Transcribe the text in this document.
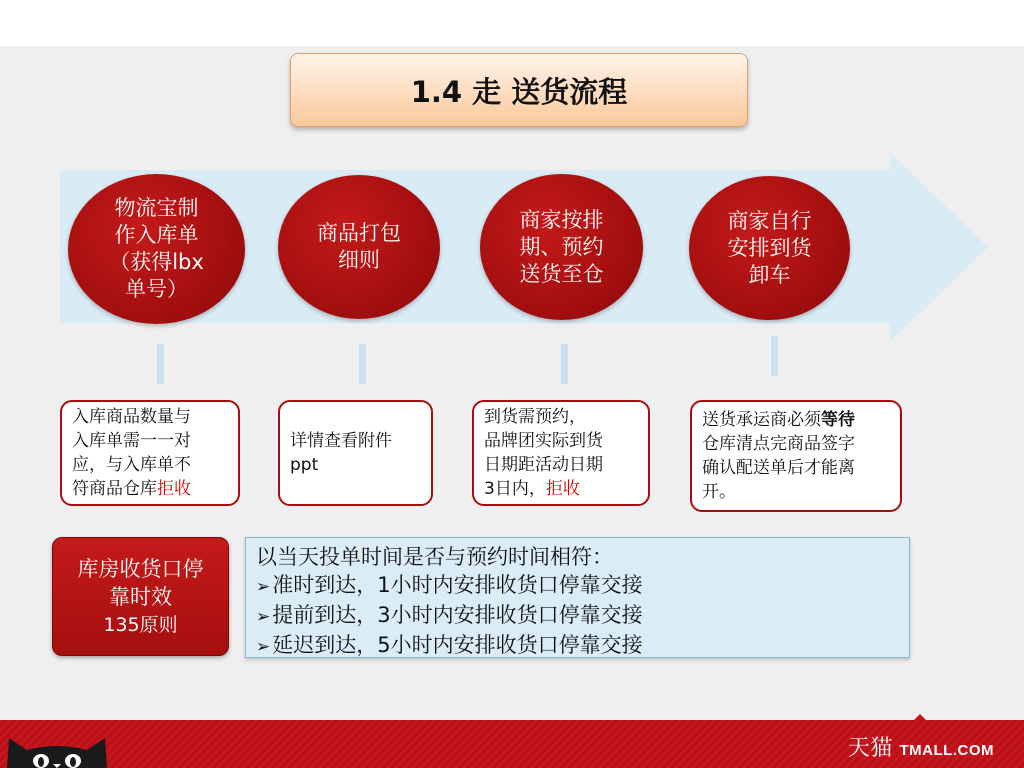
1.4 走 送货流程
物流宝制
作入库单
（获得lbx
单号）
商品打包
细则
商家按排
期、预约
送货至仓
商家自行
安排到货
卸车
入库商品数量与
入库单需一一对
应，与入库单不
符商品仓库拒收
详情查看附件
ppt
到货需预约，
品牌团实际到货
日期距活动日期
3日内，拒收
送货承运商必须等待
仓库清点完商品签字
确认配送单后才能离
开。
库房收货口停
靠时效
135原则
以当天投单时间是否与预约时间相符：
➢ 准时到达，1小时内安排收货口停靠交接
➢ 提前到达，3小时内安排收货口停靠交接
➢ 延迟到达，5小时内安排收货口停靠交接
天猫 TMALL.COM
